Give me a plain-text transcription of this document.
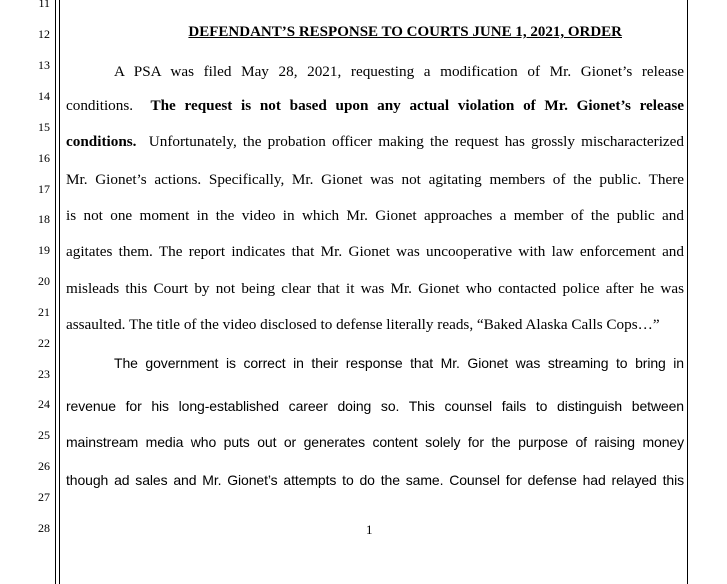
11
12
13
14
15
16
17
18
19
20
21
22
23
24
25
26
27
28
DEFENDANT’S RESPONSE TO COURTS JUNE 1, 2021, ORDER
A PSA was filed May 28, 2021, requesting a modification of Mr. Gionet’s release
conditions. The request is not based upon any actual violation of Mr. Gionet’s release
conditions. Unfortunately, the probation officer making the request has grossly mischaracterized
Mr. Gionet’s actions. Specifically, Mr. Gionet was not agitating members of the public. There
is not one moment in the video in which Mr. Gionet approaches a member of the public and
agitates them. The report indicates that Mr. Gionet was uncooperative with law enforcement and
misleads this Court by not being clear that it was Mr. Gionet who contacted police after he was
assaulted. The title of the video disclosed to defense literally reads, “Baked Alaska Calls Cops…”
The government is correct in their response that Mr. Gionet was streaming to bring in
revenue for his long-established career doing so. This counsel fails to distinguish between
mainstream media who puts out or generates content solely for the purpose of raising money
though ad sales and Mr. Gionet’s attempts to do the same. Counsel for defense had relayed this
1
